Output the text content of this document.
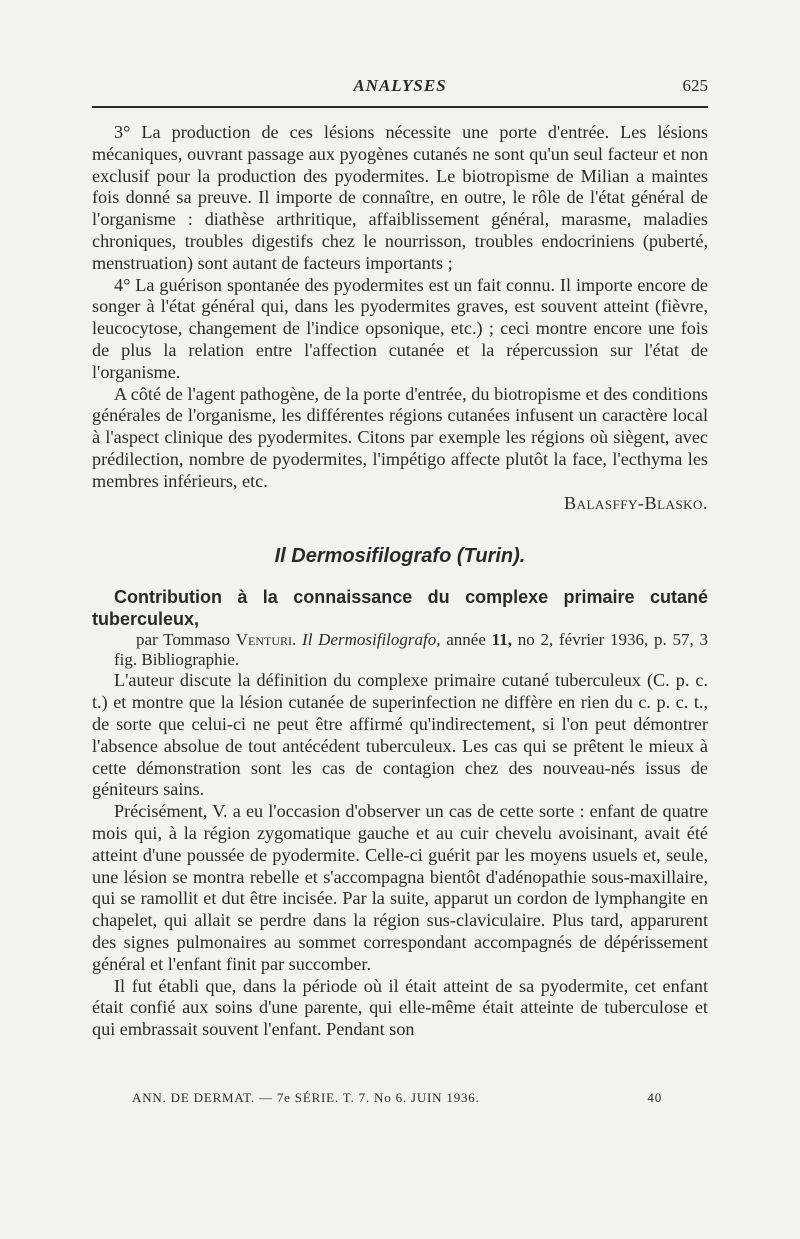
ANALYSES	625

3° La production de ces lésions nécessite une porte d'entrée. Les lésions mécaniques, ouvrant passage aux pyogènes cutanés ne sont qu'un seul facteur et non exclusif pour la production des pyodermites. Le biotropisme de Milian a maintes fois donné sa preuve. Il importe de connaître, en outre, le rôle de l'état général de l'organisme : diathèse arthritique, affaiblissement général, marasme, maladies chroniques, troubles digestifs chez le nourrisson, troubles endocriniens (puberté, menstruation) sont autant de facteurs importants ;

4° La guérison spontanée des pyodermites est un fait connu. Il importe encore de songer à l'état général qui, dans les pyodermites graves, est souvent atteint (fièvre, leucocytose, changement de l'indice opsonique, etc.) ; ceci montre encore une fois de plus la relation entre l'affection cutanée et la répercussion sur l'état de l'organisme.

A côté de l'agent pathogène, de la porte d'entrée, du biotropisme et des conditions générales de l'organisme, les différentes régions cutanées infusent un caractère local à l'aspect clinique des pyodermites. Citons par exemple les régions où siègent, avec prédilection, nombre de pyodermites, l'impétigo affecte plutôt la face, l'ecthyma les membres inférieurs, etc.

Balasffy-Blasko.
Il Dermosifilografo (Turin).

Contribution à la connaissance du complexe primaire cutané tuberculeux,

par Tommaso Venturi. Il Dermosifilografo, année 11, no 2, février 1936, p. 57, 3 fig. Bibliographie.

L'auteur discute la définition du complexe primaire cutané tuberculeux (C. p. c. t.) et montre que la lésion cutanée de superinfection ne diffère en rien du c. p. c. t., de sorte que celui-ci ne peut être affirmé qu'indirectement, si l'on peut démontrer l'absence absolue de tout antécédent tuberculeux. Les cas qui se prêtent le mieux à cette démonstration sont les cas de contagion chez des nouveau-nés issus de géniteurs sains.

Précisément, V. a eu l'occasion d'observer un cas de cette sorte : enfant de quatre mois qui, à la région zygomatique gauche et au cuir chevelu avoisinant, avait été atteint d'une poussée de pyodermite. Celle-ci guérit par les moyens usuels et, seule, une lésion se montra rebelle et s'accompagna bientôt d'adénopathie sous-maxillaire, qui se ramollit et dut être incisée. Par la suite, apparut un cordon de lymphangite en chapelet, qui allait se perdre dans la région sus-claviculaire. Plus tard, apparurent des signes pulmonaires au sommet correspondant accompagnés de dépérissement général et l'enfant finit par succomber.

Il fut établi que, dans la période où il était atteint de sa pyodermite, cet enfant était confié aux soins d'une parente, qui elle-même était atteinte de tuberculose et qui embrassait souvent l'enfant. Pendant son

ANN. DE DERMAT. — 7e SÉRIE. T. 7. No 6. JUIN 1936.	40
